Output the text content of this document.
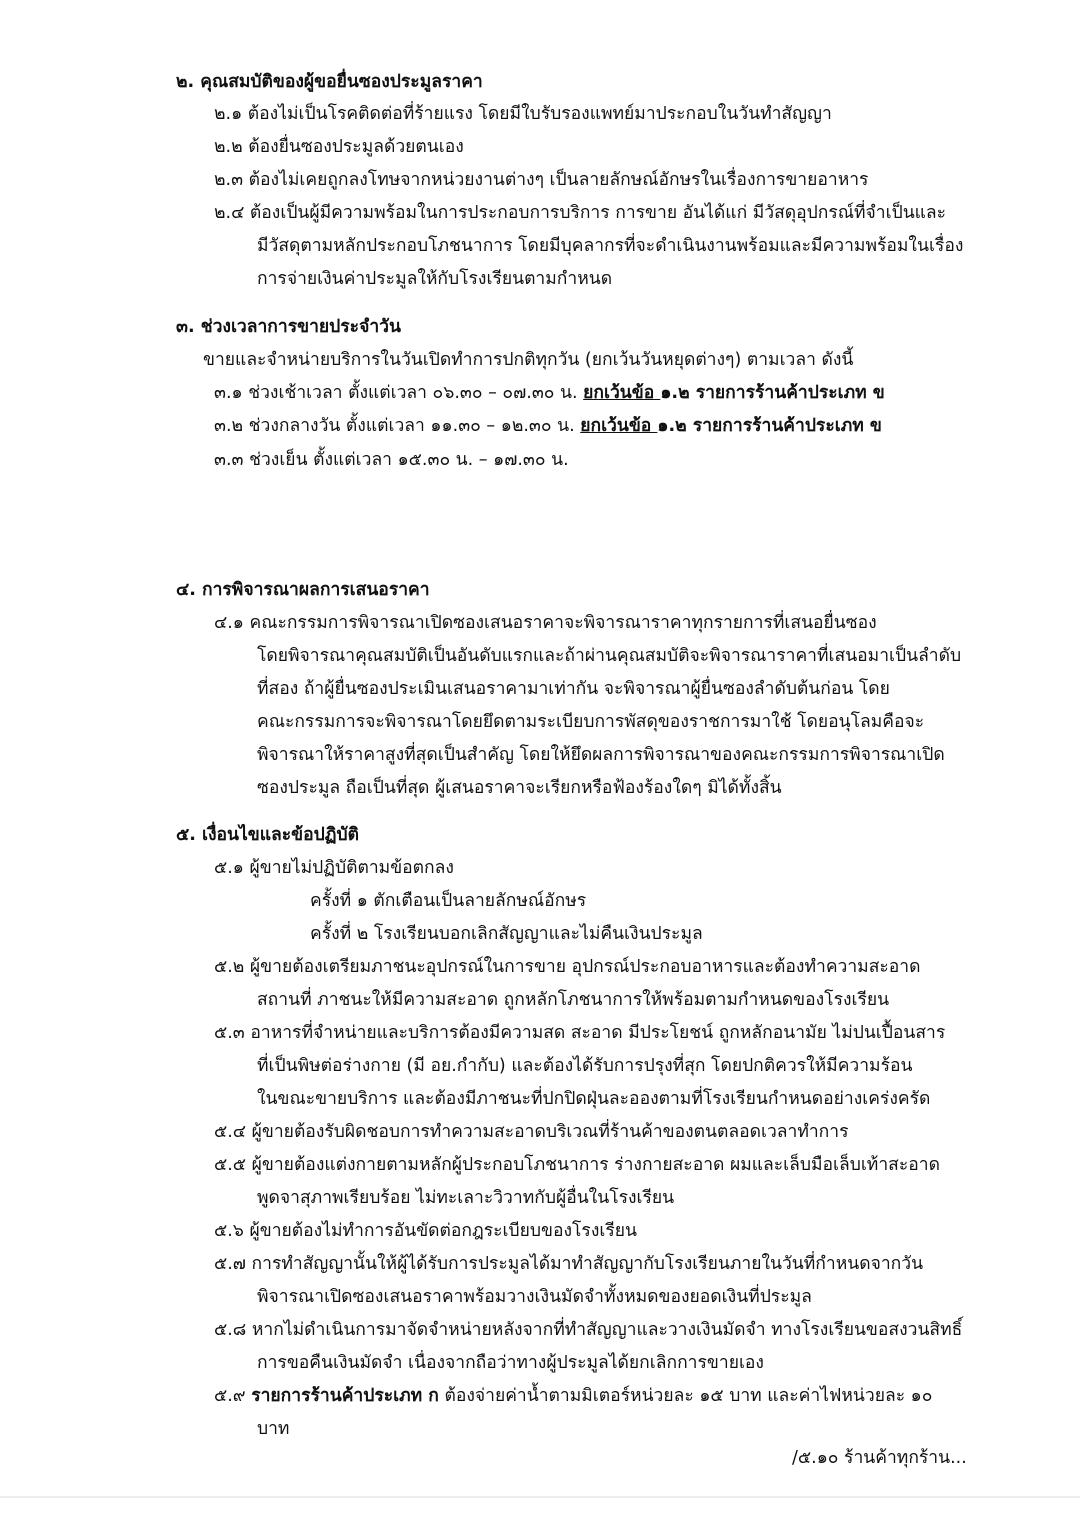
๒. คุณสมบัติของผู้ขอยื่นซองประมูลราคา
๒.๑ ต้องไม่เป็นโรคติดต่อที่ร้ายแรง โดยมีใบรับรองแพทย์มาประกอบในวันทำสัญญา
๒.๒ ต้องยื่นซองประมูลด้วยตนเอง
๒.๓ ต้องไม่เคยถูกลงโทษจากหน่วยงานต่างๆ เป็นลายลักษณ์อักษรในเรื่องการขายอาหาร
๒.๔ ต้องเป็นผู้มีความพร้อมในการประกอบการบริการ การขาย อันได้แก่ มีวัสดุอุปกรณ์ที่จำเป็นและ
มีวัสดุตามหลักประกอบโภชนาการ โดยมีบุคลากรที่จะดำเนินงานพร้อมและมีความพร้อมในเรื่อง
การจ่ายเงินค่าประมูลให้กับโรงเรียนตามกำหนด
๓. ช่วงเวลาการขายประจำวัน
ขายและจำหน่ายบริการในวันเปิดทำการปกติทุกวัน (ยกเว้นวันหยุดต่างๆ) ตามเวลา ดังนี้
๓.๑ ช่วงเช้าเวลา ตั้งแต่เวลา ๐๖.๓๐ – ๐๗.๓๐ น. ยกเว้นข้อ ๑.๒ รายการร้านค้าประเภท ข
๓.๒ ช่วงกลางวัน ตั้งแต่เวลา ๑๑.๓๐ – ๑๒.๓๐ น. ยกเว้นข้อ ๑.๒ รายการร้านค้าประเภท ข
๓.๓ ช่วงเย็น ตั้งแต่เวลา ๑๕.๓๐ น. – ๑๗.๓๐ น.
๔. การพิจารณาผลการเสนอราคา
๔.๑ คณะกรรมการพิจารณาเปิดซองเสนอราคาจะพิจารณาราคาทุกรายการที่เสนอยื่นซอง
โดยพิจารณาคุณสมบัติเป็นอันดับแรกและถ้าผ่านคุณสมบัติจะพิจารณาราคาที่เสนอมาเป็นลำดับ
ที่สอง ถ้าผู้ยื่นซองประเมินเสนอราคามาเท่ากัน จะพิจารณาผู้ยื่นซองลำดับต้นก่อน โดย
คณะกรรมการจะพิจารณาโดยยึดตามระเบียบการพัสดุของราชการมาใช้ โดยอนุโลมคือจะ
พิจารณาให้ราคาสูงที่สุดเป็นสำคัญ โดยให้ยึดผลการพิจารณาของคณะกรรมการพิจารณาเปิด
ซองประมูล ถือเป็นที่สุด ผู้เสนอราคาจะเรียกหรือฟ้องร้องใดๆ มิได้ทั้งสิ้น
๕. เงื่อนไขและข้อปฏิบัติ
๕.๑ ผู้ขายไม่ปฏิบัติตามข้อตกลง
ครั้งที่ ๑ ตักเตือนเป็นลายลักษณ์อักษร
ครั้งที่ ๒ โรงเรียนบอกเลิกสัญญาและไม่คืนเงินประมูล
๕.๒ ผู้ขายต้องเตรียมภาชนะอุปกรณ์ในการขาย อุปกรณ์ประกอบอาหารและต้องทำความสะอาด
สถานที่ ภาชนะให้มีความสะอาด ถูกหลักโภชนาการให้พร้อมตามกำหนดของโรงเรียน
๕.๓ อาหารที่จำหน่ายและบริการต้องมีความสด สะอาด มีประโยชน์ ถูกหลักอนามัย ไม่ปนเปื้อนสาร
ที่เป็นพิษต่อร่างกาย (มี อย.กำกับ) และต้องได้รับการปรุงที่สุก โดยปกติควรให้มีความร้อน
ในขณะขายบริการ และต้องมีภาชนะที่ปกปิดฝุ่นละอองตามที่โรงเรียนกำหนดอย่างเคร่งครัด
๕.๔ ผู้ขายต้องรับผิดชอบการทำความสะอาดบริเวณที่ร้านค้าของตนตลอดเวลาทำการ
๕.๕ ผู้ขายต้องแต่งกายตามหลักผู้ประกอบโภชนาการ ร่างกายสะอาด ผมและเล็บมือเล็บเท้าสะอาด
พูดจาสุภาพเรียบร้อย ไม่ทะเลาะวิวาทกับผู้อื่นในโรงเรียน
๕.๖ ผู้ขายต้องไม่ทำการอันขัดต่อกฎระเบียบของโรงเรียน
๕.๗ การทำสัญญานั้นให้ผู้ได้รับการประมูลได้มาทำสัญญากับโรงเรียนภายในวันที่กำหนดจากวัน
พิจารณาเปิดซองเสนอราคาพร้อมวางเงินมัดจำทั้งหมดของยอดเงินที่ประมูล
๕.๘ หากไม่ดำเนินการมาจัดจำหน่ายหลังจากที่ทำสัญญาและวางเงินมัดจำ ทางโรงเรียนขอสงวนสิทธิ์
การขอคืนเงินมัดจำ เนื่องจากถือว่าทางผู้ประมูลได้ยกเลิกการขายเอง
๕.๙ รายการร้านค้าประเภท ก ต้องจ่ายค่าน้ำตามมิเตอร์หน่วยละ ๑๕ บาท และค่าไฟหน่วยละ ๑๐
บาท
/๕.๑๐ ร้านค้าทุกร้าน...
